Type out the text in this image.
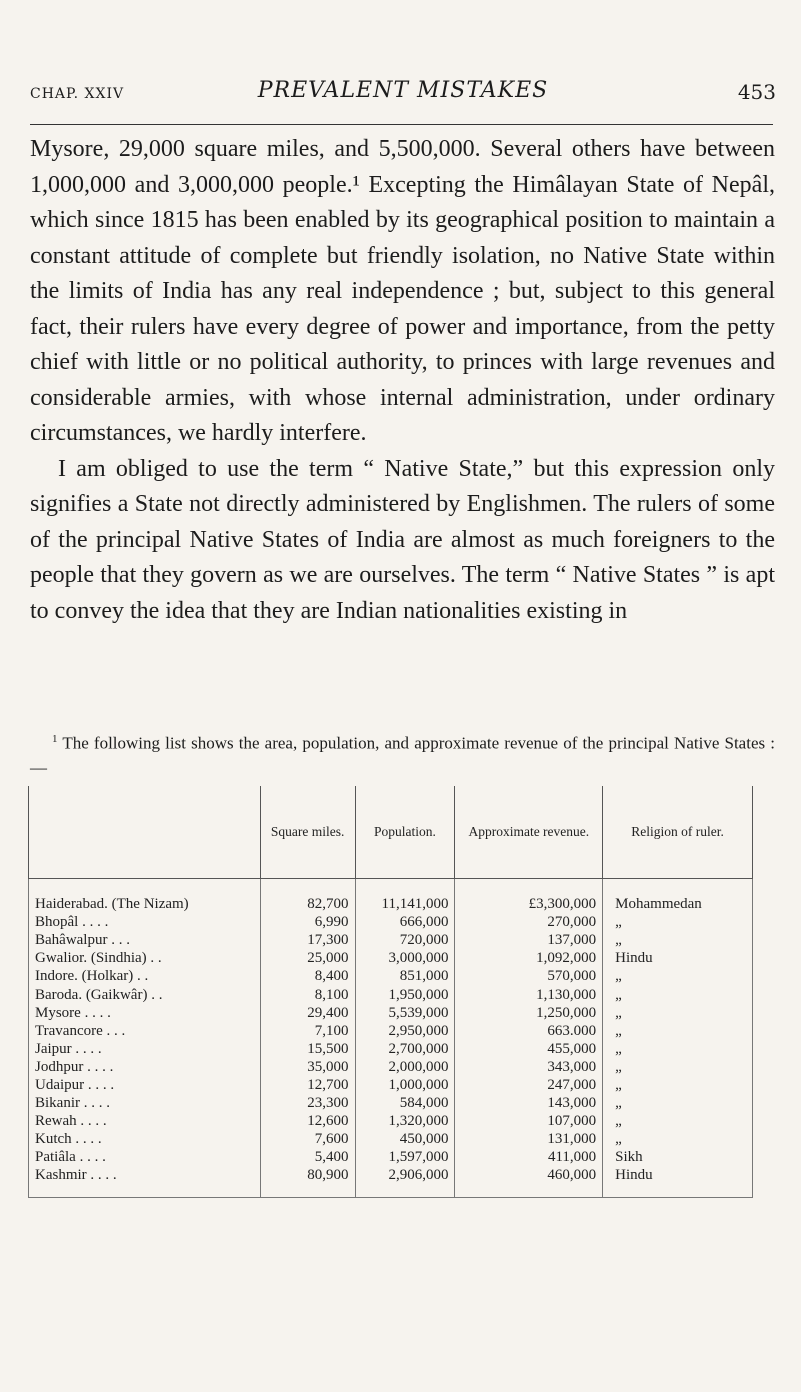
CHAP. XXIV	PREVALENT MISTAKES	453

Mysore, 29,000 square miles, and 5,500,000. Several others have between 1,000,000 and 3,000,000 people.¹ Excepting the Himâlayan State of Nepâl, which since 1815 has been enabled by its geographical position to maintain a constant attitude of complete but friendly isolation, no Native State within the limits of India has any real independence ; but, subject to this general fact, their rulers have every degree of power and importance, from the petty chief with little or no political authority, to princes with large revenues and considerable armies, with whose internal administration, under ordinary circumstances, we hardly interfere.

I am obliged to use the term “ Native State,” but this expression only signifies a State not directly administered by Englishmen. The rulers of some of the principal Native States of India are almost as much foreigners to the people that they govern as we are ourselves. The term “ Native States ” is apt to convey the idea that they are Indian nationalities existing in

$^1$ The following list shows the area, population, and approximate revenue of the principal Native States :—
	Square miles.	Population.	Approximate revenue.	Religion of ruler.
Haiderabad. (The Nizam)	82,700	11,141,000	£3,300,000	Mohammedan
Bhopâl . . . .	6,990	666,000	270,000	„
Bahâwalpur . . .	17,300	720,000	137,000	„
Gwalior. (Sindhia) . .	25,000	3,000,000	1,092,000	Hindu
Indore. (Holkar) . .	8,400	851,000	570,000	„
Baroda. (Gaikwâr) . .	8,100	1,950,000	1,130,000	„
Mysore . . . .	29,400	5,539,000	1,250,000	„
Travancore . . .	7,100	2,950,000	663.000	„
Jaipur . . . .	15,500	2,700,000	455,000	„
Jodhpur . . . .	35,000	2,000,000	343,000	„
Udaipur . . . .	12,700	1,000,000	247,000	„
Bikanir . . . .	23,300	584,000	143,000	„
Rewah . . . .	12,600	1,320,000	107,000	„
Kutch . . . .	7,600	450,000	131,000	„
Patiâla . . . .	5,400	1,597,000	411,000	Sikh
Kashmir . . . .	80,900	2,906,000	460,000	Hindu
